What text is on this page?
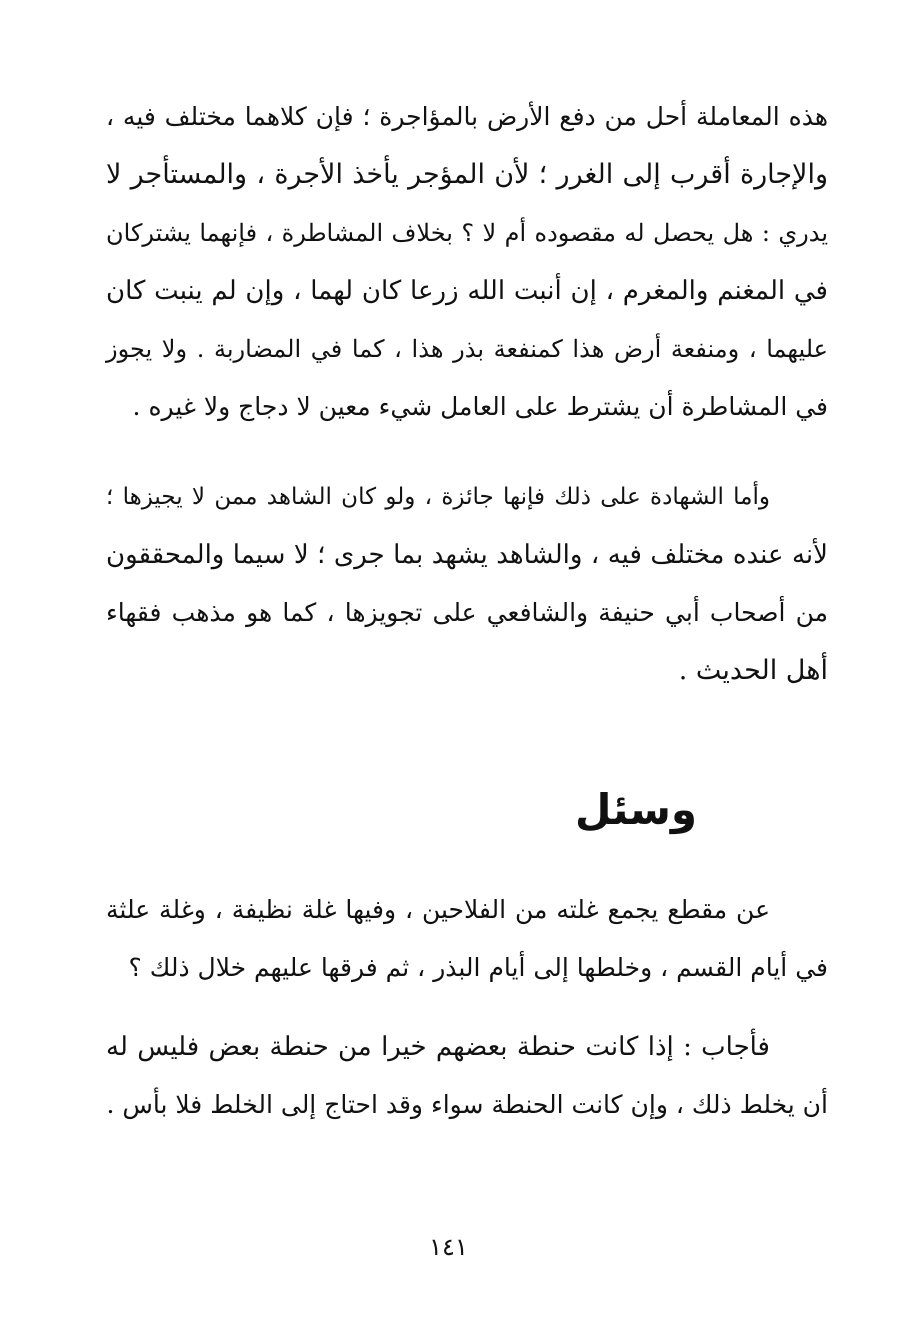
هذه المعاملة أحل من دفع الأرض بالمؤاجرة ؛ فإن كلاهما مختلف فيه ،
والإجارة أقرب إلى الغرر ؛ لأن المؤجر يأخذ الأجرة ، والمستأجر لا
يدري : هل يحصل له مقصوده أم لا ؟ بخلاف المشاطرة ، فإنهما يشتركان
في المغنم والمغرم ، إن أنبت الله زرعا كان لهما ، وإن لم ينبت كان
عليهما ، ومنفعة أرض هذا كمنفعة بذر هذا ، كما في المضاربة . ولا يجوز
في المشاطرة أن يشترط على العامل شيء معين لا دجاج ولا غيره .

وأما الشهادة على ذلك فإنها جائزة ، ولو كان الشاهد ممن لا يجيزها ؛
لأنه عنده مختلف فيه ، والشاهد يشهد بما جرى ؛ لا سيما والمحققون
من أصحاب أبي حنيفة والشافعي على تجويزها ، كما هو مذهب فقهاء
أهل الحديث .

وسئل

عن مقطع يجمع غلته من الفلاحين ، وفيها غلة نظيفة ، وغلة علثة
في أيام القسم ، وخلطها إلى أيام البذر ، ثم فرقها عليهم خلال ذلك ؟

فأجاب : إذا كانت حنطة بعضهم خيرا من حنطة بعض فليس له
أن يخلط ذلك ، وإن كانت الحنطة سواء وقد احتاج إلى الخلط فلا بأس .

١٤١
